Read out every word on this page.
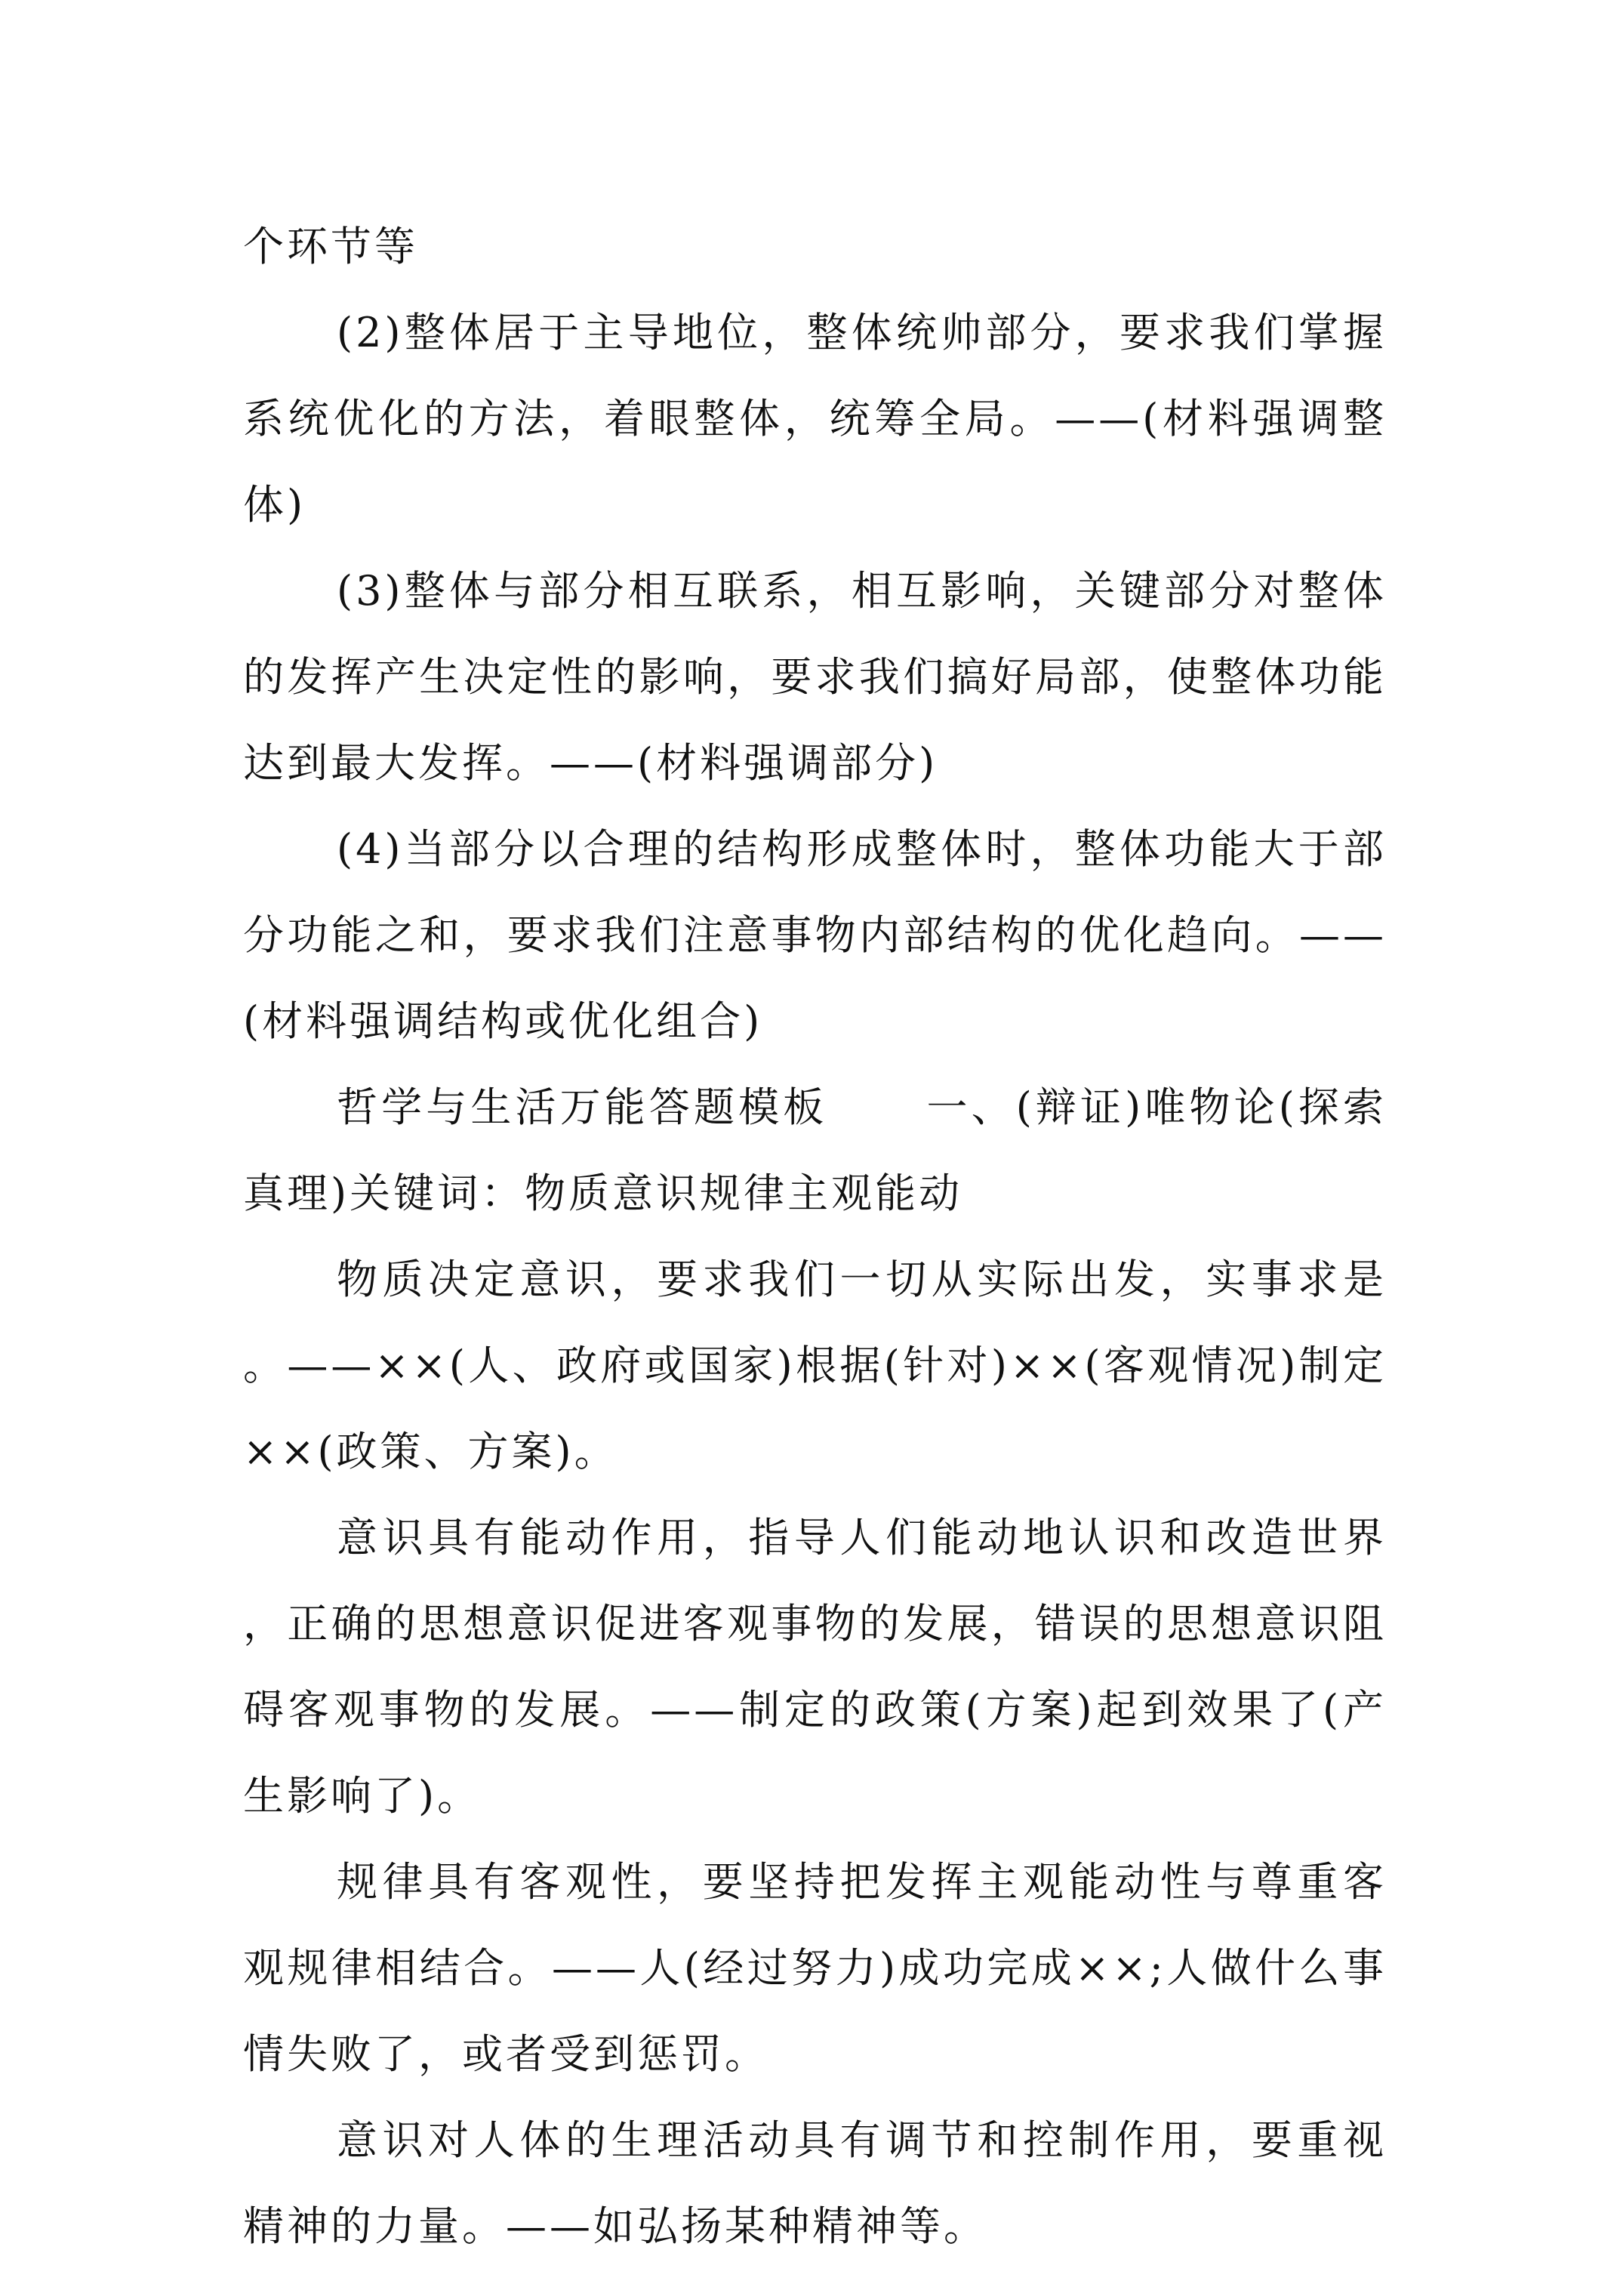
个环节等

(2)整体居于主导地位，整体统帅部分，要求我们掌握系统优化的方法，着眼整体，统筹全局。——(材料强调整体)

(3)整体与部分相互联系，相互影响，关键部分对整体的发挥产生决定性的影响，要求我们搞好局部，使整体功能达到最大发挥。——(材料强调部分)

(4)当部分以合理的结构形成整体时，整体功能大于部分功能之和，要求我们注意事物内部结构的优化趋向。——(材料强调结构或优化组合)

哲学与生活万能答题模板 一、(辩证)唯物论(探索真理)关键词：物质意识规律主观能动

物质决定意识，要求我们一切从实际出发，实事求是。——××(人、政府或国家)根据(针对)××(客观情况)制定××(政策、方案)。

意识具有能动作用，指导人们能动地认识和改造世界，正确的思想意识促进客观事物的发展，错误的思想意识阻碍客观事物的发展。——制定的政策(方案)起到效果了(产生影响了)。

规律具有客观性，要坚持把发挥主观能动性与尊重客观规律相结合。——人(经过努力)成功完成××;人做什么事情失败了，或者受到惩罚。

意识对人体的生理活动具有调节和控制作用，要重视精神的力量。——如弘扬某种精神等。
